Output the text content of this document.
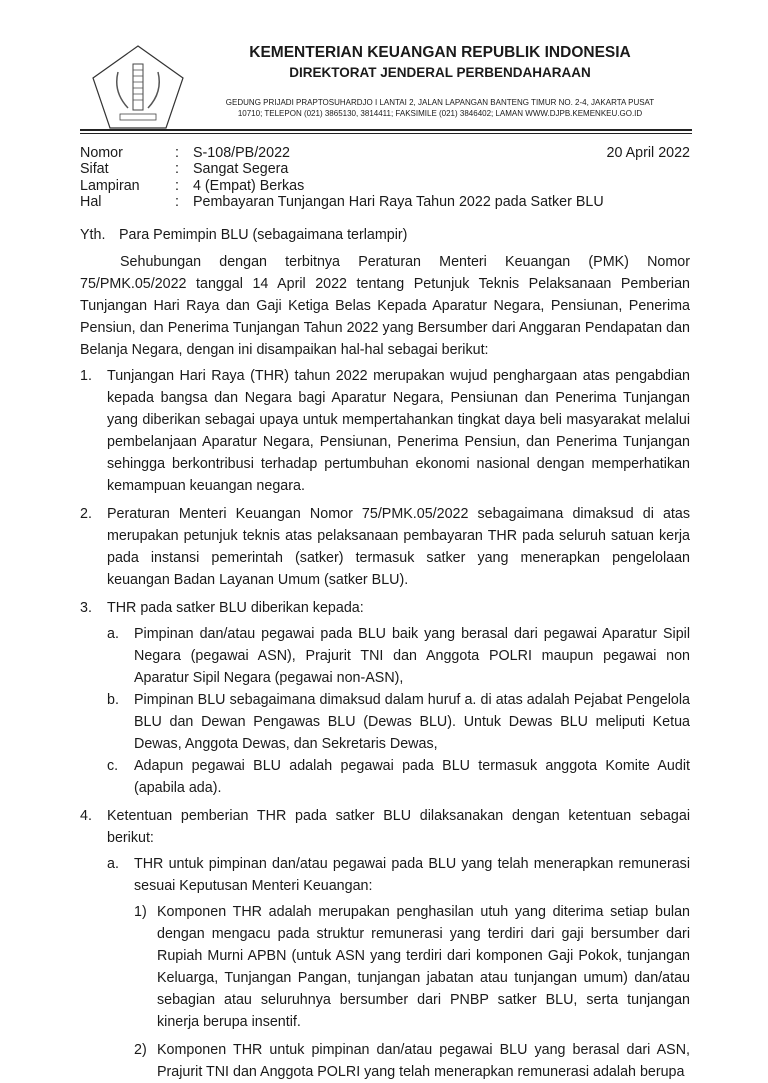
KEMENTERIAN KEUANGAN REPUBLIK INDONESIA
DIREKTORAT JENDERAL PERBENDAHARAAN
GEDUNG PRIJADI PRAPTOSUHARDJO I LANTAI 2, JALAN LAPANGAN BANTENG TIMUR NO. 2-4, JAKARTA PUSAT
10710; TELEPON (021) 3865130, 3814411; FAKSIMILE (021) 3846402; LAMAN WWW.DJPB.KEMENKEU.GO.ID
Nomor	: S-108/PB/2022	20 April 2022
Sifat	: Sangat Segera
Lampiran	: 4 (Empat) Berkas
Hal	: Pembayaran Tunjangan Hari Raya Tahun 2022 pada Satker BLU
Yth. Para Pemimpin BLU (sebagaimana terlampir)
Sehubungan dengan terbitnya Peraturan Menteri Keuangan (PMK) Nomor 75/PMK.05/2022 tanggal 14 April 2022 tentang Petunjuk Teknis Pelaksanaan Pemberian Tunjangan Hari Raya dan Gaji Ketiga Belas Kepada Aparatur Negara, Pensiunan, Penerima Pensiun, dan Penerima Tunjangan Tahun 2022 yang Bersumber dari Anggaran Pendapatan dan Belanja Negara, dengan ini disampaikan hal-hal sebagai berikut:
1.	Tunjangan Hari Raya (THR) tahun 2022 merupakan wujud penghargaan atas pengabdian kepada bangsa dan Negara bagi Aparatur Negara, Pensiunan dan Penerima Tunjangan yang diberikan sebagai upaya untuk mempertahankan tingkat daya beli masyarakat melalui pembelanjaan Aparatur Negara, Pensiunan, Penerima Pensiun, dan Penerima Tunjangan sehingga berkontribusi terhadap pertumbuhan ekonomi nasional dengan memperhatikan kemampuan keuangan negara.
2.	Peraturan Menteri Keuangan Nomor 75/PMK.05/2022 sebagaimana dimaksud di atas merupakan petunjuk teknis atas pelaksanaan pembayaran THR pada seluruh satuan kerja pada instansi pemerintah (satker) termasuk satker yang menerapkan pengelolaan keuangan Badan Layanan Umum (satker BLU).
3.	THR pada satker BLU diberikan kepada:
a.	Pimpinan dan/atau pegawai pada BLU baik yang berasal dari pegawai Aparatur Sipil Negara (pegawai ASN), Prajurit TNI dan Anggota POLRI maupun pegawai non Aparatur Sipil Negara (pegawai non-ASN),
b.	Pimpinan BLU sebagaimana dimaksud dalam huruf a. di atas adalah Pejabat Pengelola BLU dan Dewan Pengawas BLU (Dewas BLU). Untuk Dewas BLU meliputi Ketua Dewas, Anggota Dewas, dan Sekretaris Dewas,
c.	Adapun pegawai BLU adalah pegawai pada BLU termasuk anggota Komite Audit (apabila ada).
4.	Ketentuan pemberian THR pada satker BLU dilaksanakan dengan ketentuan sebagai berikut:
a.	THR untuk pimpinan dan/atau pegawai pada BLU yang telah menerapkan remunerasi sesuai Keputusan Menteri Keuangan:
1) Komponen THR adalah merupakan penghasilan utuh yang diterima setiap bulan dengan mengacu pada struktur remunerasi yang terdiri dari gaji bersumber dari Rupiah Murni APBN (untuk ASN yang terdiri dari komponen Gaji Pokok, tunjangan Keluarga, Tunjangan Pangan, tunjangan jabatan atau tunjangan umum) dan/atau sebagian atau seluruhnya bersumber dari PNBP satker BLU, serta tunjangan kinerja berupa insentif.
2) Komponen THR untuk pimpinan dan/atau pegawai BLU yang berasal dari ASN, Prajurit TNI dan Anggota POLRI yang telah menerapkan remunerasi adalah berupa
